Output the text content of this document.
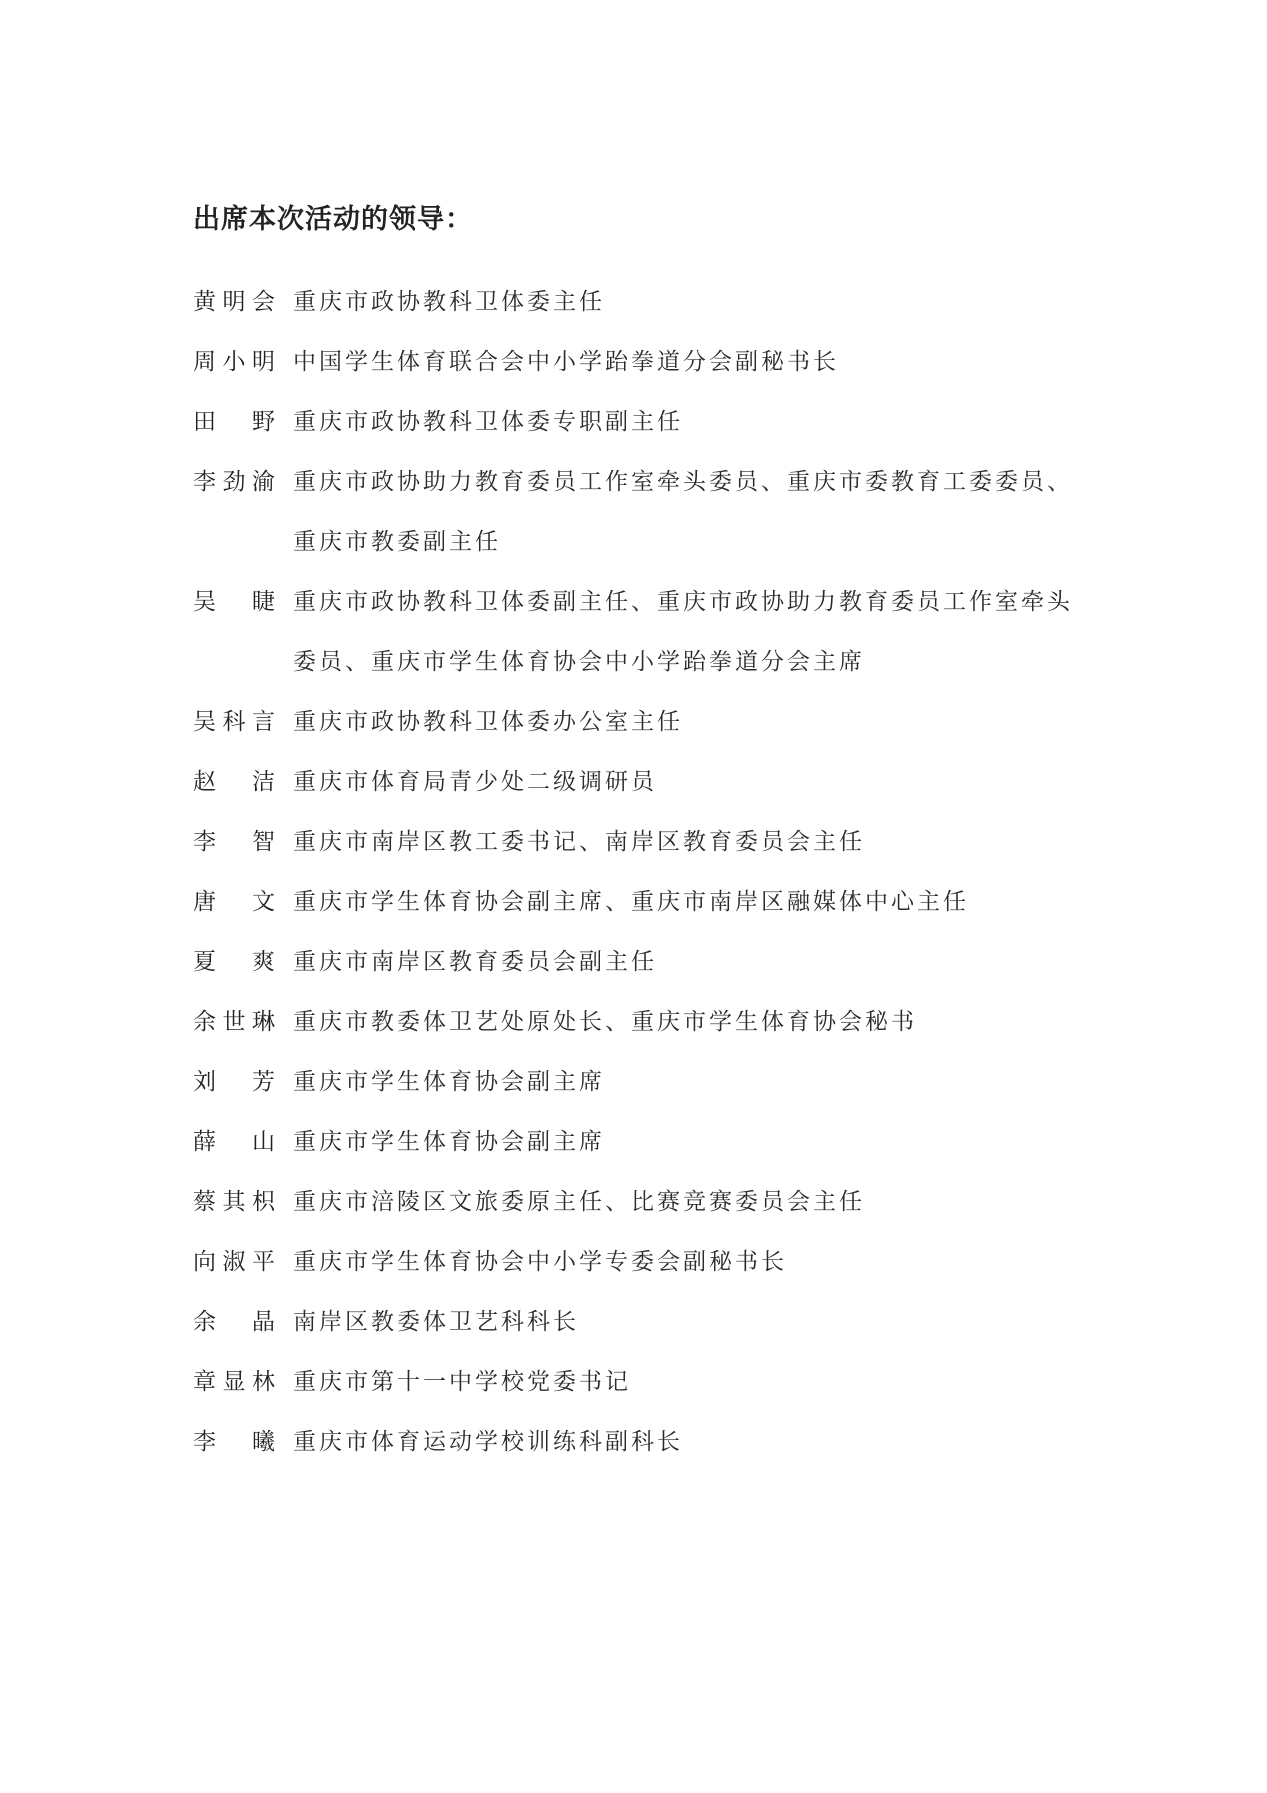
出席本次活动的领导：
黄 明 会 重庆市政协教科卫体委主任
周 小 明 中国学生体育联合会中小学跆拳道分会副秘书长
田 野 重庆市政协教科卫体委专职副主任
李 劲 渝 重庆市政协助力教育委员工作室牵头委员、重庆市委教育工委委员、重庆市教委副主任
吴 睫 重庆市政协教科卫体委副主任、重庆市政协助力教育委员工作室牵头委员、重庆市学生体育协会中小学跆拳道分会主席
吴 科 言 重庆市政协教科卫体委办公室主任
赵 洁 重庆市体育局青少处二级调研员
李 智 重庆市南岸区教工委书记、南岸区教育委员会主任
唐 文 重庆市学生体育协会副主席、重庆市南岸区融媒体中心主任
夏 爽 重庆市南岸区教育委员会副主任
余 世 琳 重庆市教委体卫艺处原处长、重庆市学生体育协会秘书
刘 芳 重庆市学生体育协会副主席
薛 山 重庆市学生体育协会副主席
蔡 其 枳 重庆市涪陵区文旅委原主任、比赛竞赛委员会主任
向 淑 平 重庆市学生体育协会中小学专委会副秘书长
余 晶 南岸区教委体卫艺科科长
章 显 林 重庆市第十一中学校党委书记
李 曦 重庆市体育运动学校训练科副科长
